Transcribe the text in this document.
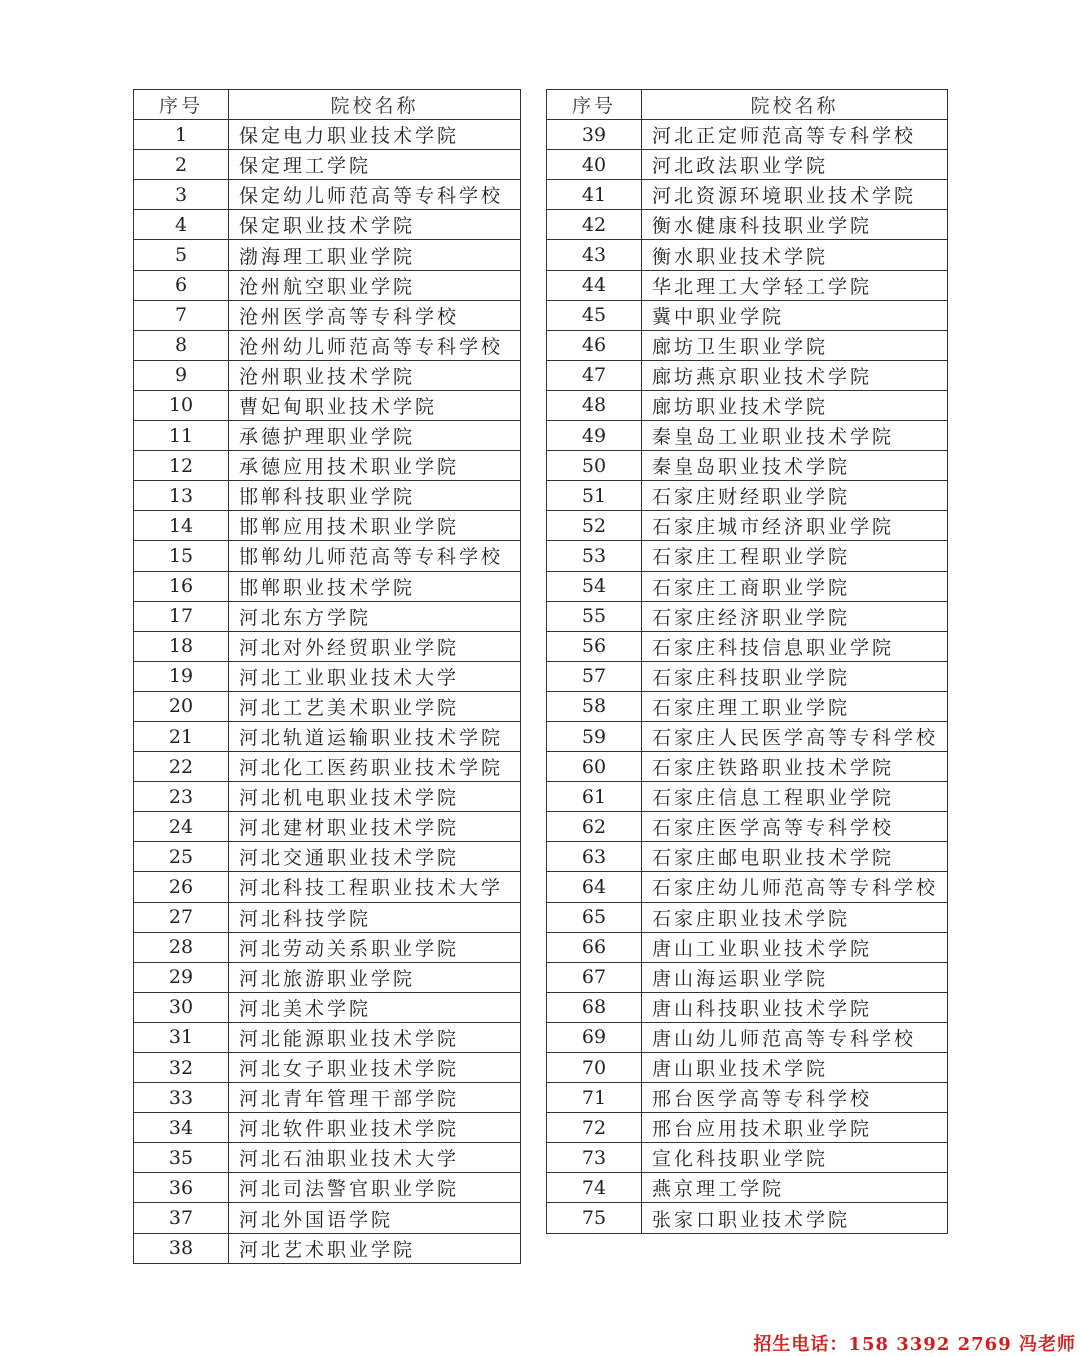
序号	院校名称
1	保定电力职业技术学院
2	保定理工学院
3	保定幼儿师范高等专科学校
4	保定职业技术学院
5	渤海理工职业学院
6	沧州航空职业学院
7	沧州医学高等专科学校
8	沧州幼儿师范高等专科学校
9	沧州职业技术学院
10	曹妃甸职业技术学院
11	承德护理职业学院
12	承德应用技术职业学院
13	邯郸科技职业学院
14	邯郸应用技术职业学院
15	邯郸幼儿师范高等专科学校
16	邯郸职业技术学院
17	河北东方学院
18	河北对外经贸职业学院
19	河北工业职业技术大学
20	河北工艺美术职业学院
21	河北轨道运输职业技术学院
22	河北化工医药职业技术学院
23	河北机电职业技术学院
24	河北建材职业技术学院
25	河北交通职业技术学院
26	河北科技工程职业技术大学
27	河北科技学院
28	河北劳动关系职业学院
29	河北旅游职业学院
30	河北美术学院
31	河北能源职业技术学院
32	河北女子职业技术学院
33	河北青年管理干部学院
34	河北软件职业技术学院
35	河北石油职业技术大学
36	河北司法警官职业学院
37	河北外国语学院
38	河北艺术职业学院
序号	院校名称
39	河北正定师范高等专科学校
40	河北政法职业学院
41	河北资源环境职业技术学院
42	衡水健康科技职业学院
43	衡水职业技术学院
44	华北理工大学轻工学院
45	冀中职业学院
46	廊坊卫生职业学院
47	廊坊燕京职业技术学院
48	廊坊职业技术学院
49	秦皇岛工业职业技术学院
50	秦皇岛职业技术学院
51	石家庄财经职业学院
52	石家庄城市经济职业学院
53	石家庄工程职业学院
54	石家庄工商职业学院
55	石家庄经济职业学院
56	石家庄科技信息职业学院
57	石家庄科技职业学院
58	石家庄理工职业学院
59	石家庄人民医学高等专科学校
60	石家庄铁路职业技术学院
61	石家庄信息工程职业学院
62	石家庄医学高等专科学校
63	石家庄邮电职业技术学院
64	石家庄幼儿师范高等专科学校
65	石家庄职业技术学院
66	唐山工业职业技术学院
67	唐山海运职业学院
68	唐山科技职业技术学院
69	唐山幼儿师范高等专科学校
70	唐山职业技术学院
71	邢台医学高等专科学校
72	邢台应用技术职业学院
73	宣化科技职业学院
74	燕京理工学院
75	张家口职业技术学院
招生电话：158 3392 2769 冯老师
